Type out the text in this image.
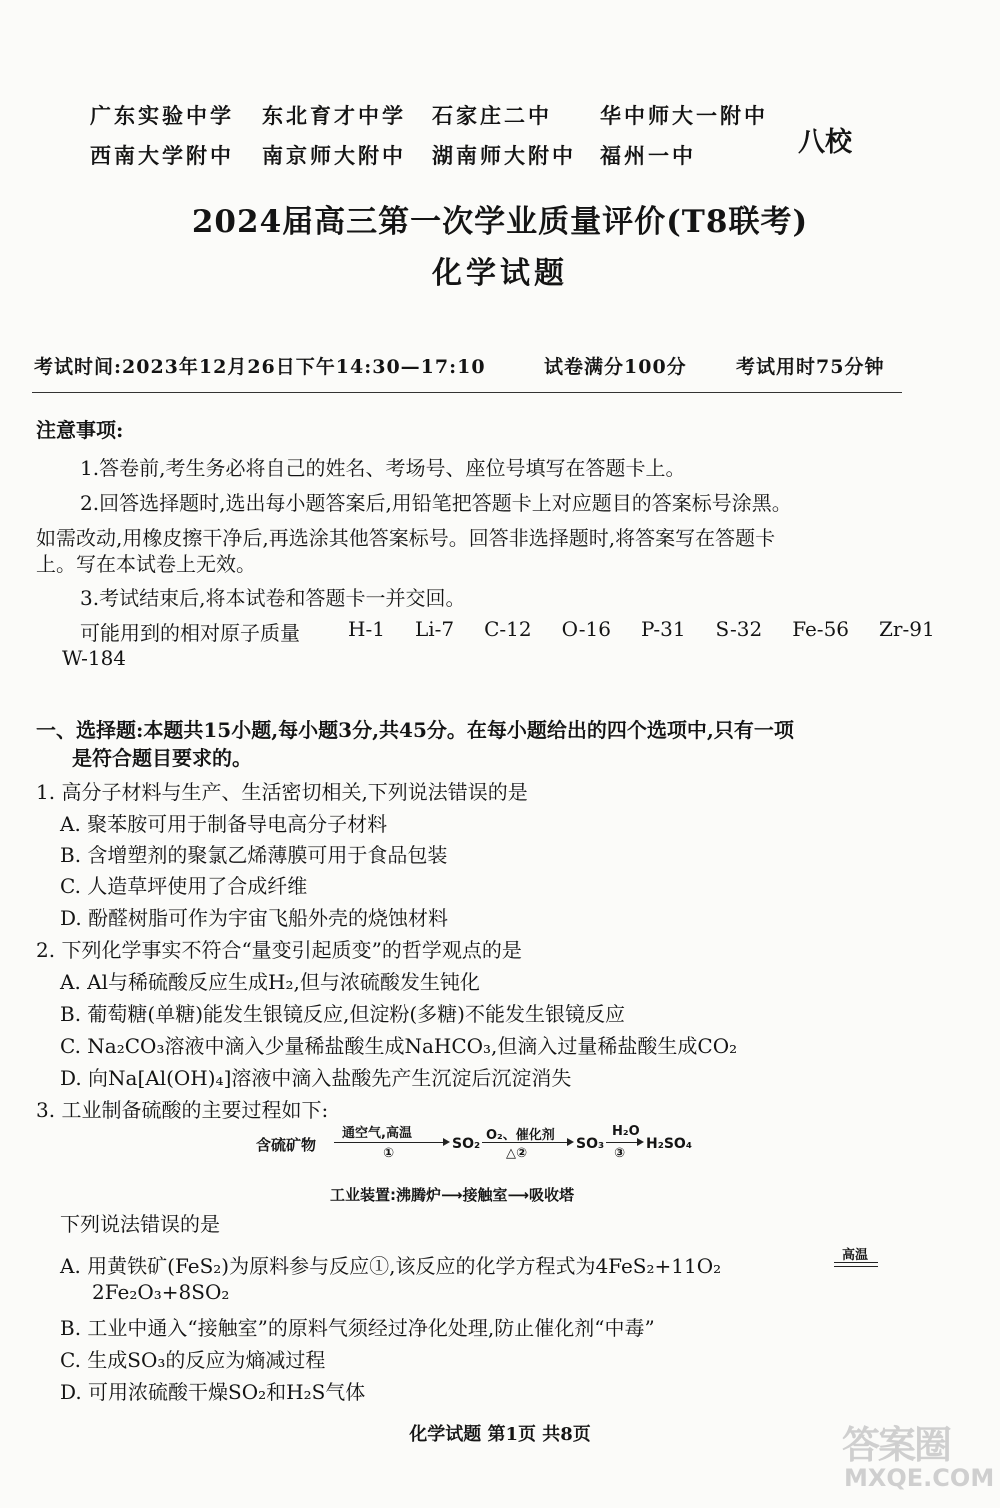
广东实验中学 东北育才中学 石家庄二中 华中师大一附中
西南大学附中 南京师大附中 湖南师大附中 福州一中	八校
2024届高三第一次学业质量评价(T8联考)
化学试题
考试时间:2023年12月26日下午14:30—17:10	试卷满分100分	考试用时75分钟
注意事项:
1.答卷前,考生务必将自己的姓名、考场号、座位号填写在答题卡上。
2.回答选择题时,选出每小题答案后,用铅笔把答题卡上对应题目的答案标号涂黑。
如需改动,用橡皮擦干净后,再选涂其他答案标号。回答非选择题时,将答案写在答题卡
上。写在本试卷上无效。
3.考试结束后,将本试卷和答题卡一并交回。
可能用到的相对原子质量 H-1 Li-7 C-12 O-16 P-31 S-32 Fe-56 Zr-91
W-184
一、选择题:本题共15小题,每小题3分,共45分。在每小题给出的四个选项中,只有一项
是符合题目要求的。
1. 高分子材料与生产、生活密切相关,下列说法错误的是
A. 聚苯胺可用于制备导电高分子材料
B. 含增塑剂的聚氯乙烯薄膜可用于食品包装
C. 人造草坪使用了合成纤维
D. 酚醛树脂可作为宇宙飞船外壳的烧蚀材料
2. 下列化学事实不符合“量变引起质变”的哲学观点的是
A. Al与稀硫酸反应生成H₂,但与浓硫酸发生钝化
B. 葡萄糖(单糖)能发生银镜反应,但淀粉(多糖)不能发生银镜反应
C. Na₂CO₃溶液中滴入少量稀盐酸生成NaHCO₃,但滴入过量稀盐酸生成CO₂
D. 向Na[Al(OH)₄]溶液中滴入盐酸先产生沉淀后沉淀消失
3. 工业制备硫酸的主要过程如下:
含硫矿物
通空气,高温
①
SO₂
O₂、催化剂
△②
SO₃
H₂O
③
H₂SO₄
工业装置:沸腾炉⟶接触室⟶吸收塔
下列说法错误的是
A. 用黄铁矿(FeS₂)为原料参与反应①,该反应的化学方程式为4FeS₂+11O₂	高温
2Fe₂O₃+8SO₂
B. 工业中通入“接触室”的原料气须经过净化处理,防止催化剂“中毒”
C. 生成SO₃的反应为熵减过程
D. 可用浓硫酸干燥SO₂和H₂S气体
化学试题 第1页 共8页	答案圈
MXQE.COM
